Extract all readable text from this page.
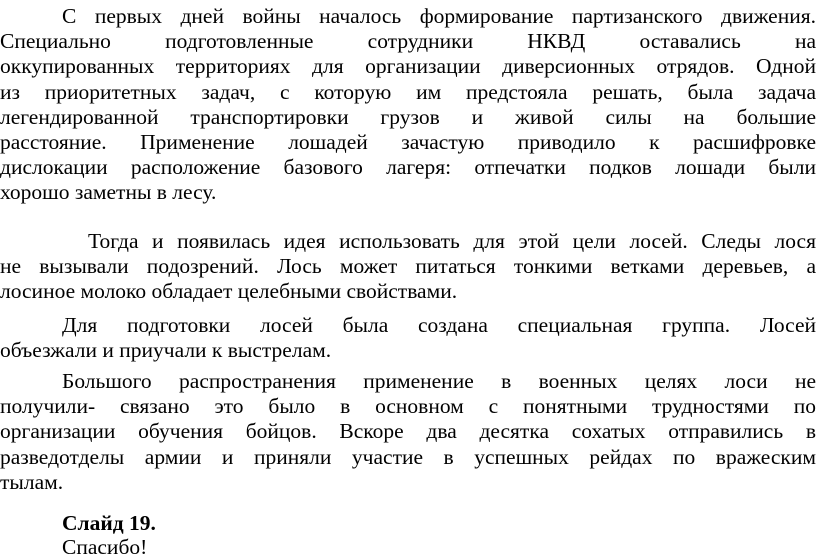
С первых дней войны началось формирование партизанского движения.
Специально подготовленные сотрудники НКВД оставались на
оккупированных территориях для организации диверсионных отрядов. Одной
из приоритетных задач, с которую им предстояла решать, была задача
легендированной транспортировки грузов и живой силы на большие
расстояние. Применение лошадей зачастую приводило к расшифровке
дислокации расположение базового лагеря: отпечатки подков лошади были
хорошо заметны в лесу.
Тогда и появилась идея использовать для этой цели лосей. Следы лося
не вызывали подозрений. Лось может питаться тонкими ветками деревьев, а
лосиное молоко обладает целебными свойствами.
Для подготовки лосей была создана специальная группа. Лосей
объезжали и приучали к выстрелам.
Большого распространения применение в военных целях лоси не
получили- связано это было в основном с понятными трудностями по
организации обучения бойцов. Вскоре два десятка сохатых отправились в
разведотделы армии и приняли участие в успешных рейдах по вражеским
тылам.
Слайд 19.
Спасибо!
